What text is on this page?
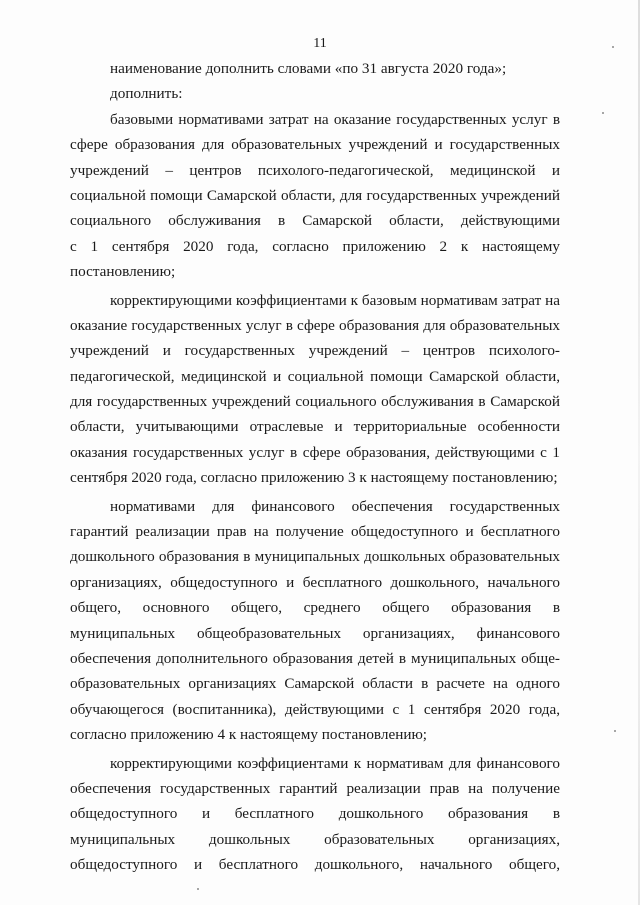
11
наименование дополнить словами «по 31 августа 2020 года»;
дополнить:
базовыми нормативами затрат на оказание государственных услуг в
сфере образования для образовательных учреждений и государственных
учреждений – центров психолого-педагогической, медицинской и
социальной помощи Самарской области, для государственных учреждений
социального обслуживания в Самарской области, действующими
с 1 сентября 2020 года, согласно приложению 2 к настоящему
постановлению;
корректирующими коэффициентами к базовым нормативам затрат на
оказание государственных услуг в сфере образования для образовательных
учреждений и государственных учреждений – центров психолого-
педагогической, медицинской и социальной помощи Самарской области,
для государственных учреждений социального обслуживания в Самарской
области, учитывающими отраслевые и территориальные особенности
оказания государственных услуг в сфере образования, действующими с 1
сентября 2020 года, согласно приложению 3 к настоящему постановлению;
нормативами для финансового обеспечения государственных
гарантий реализации прав на получение общедоступного и бесплатного
дошкольного образования в муниципальных дошкольных образовательных
организациях, общедоступного и бесплатного дошкольного, начального
общего, основного общего, среднего общего образования в
муниципальных общеобразовательных организациях, финансового
обеспечения дополнительного образования детей в муниципальных обще-
образовательных организациях Самарской области в расчете на одного
обучающегося (воспитанника), действующими с 1 сентября 2020 года,
согласно приложению 4 к настоящему постановлению;
корректирующими коэффициентами к нормативам для финансового
обеспечения государственных гарантий реализации прав на получение
общедоступного и бесплатного дошкольного образования в
муниципальных дошкольных образовательных организациях,
общедоступного и бесплатного дошкольного, начального общего,
